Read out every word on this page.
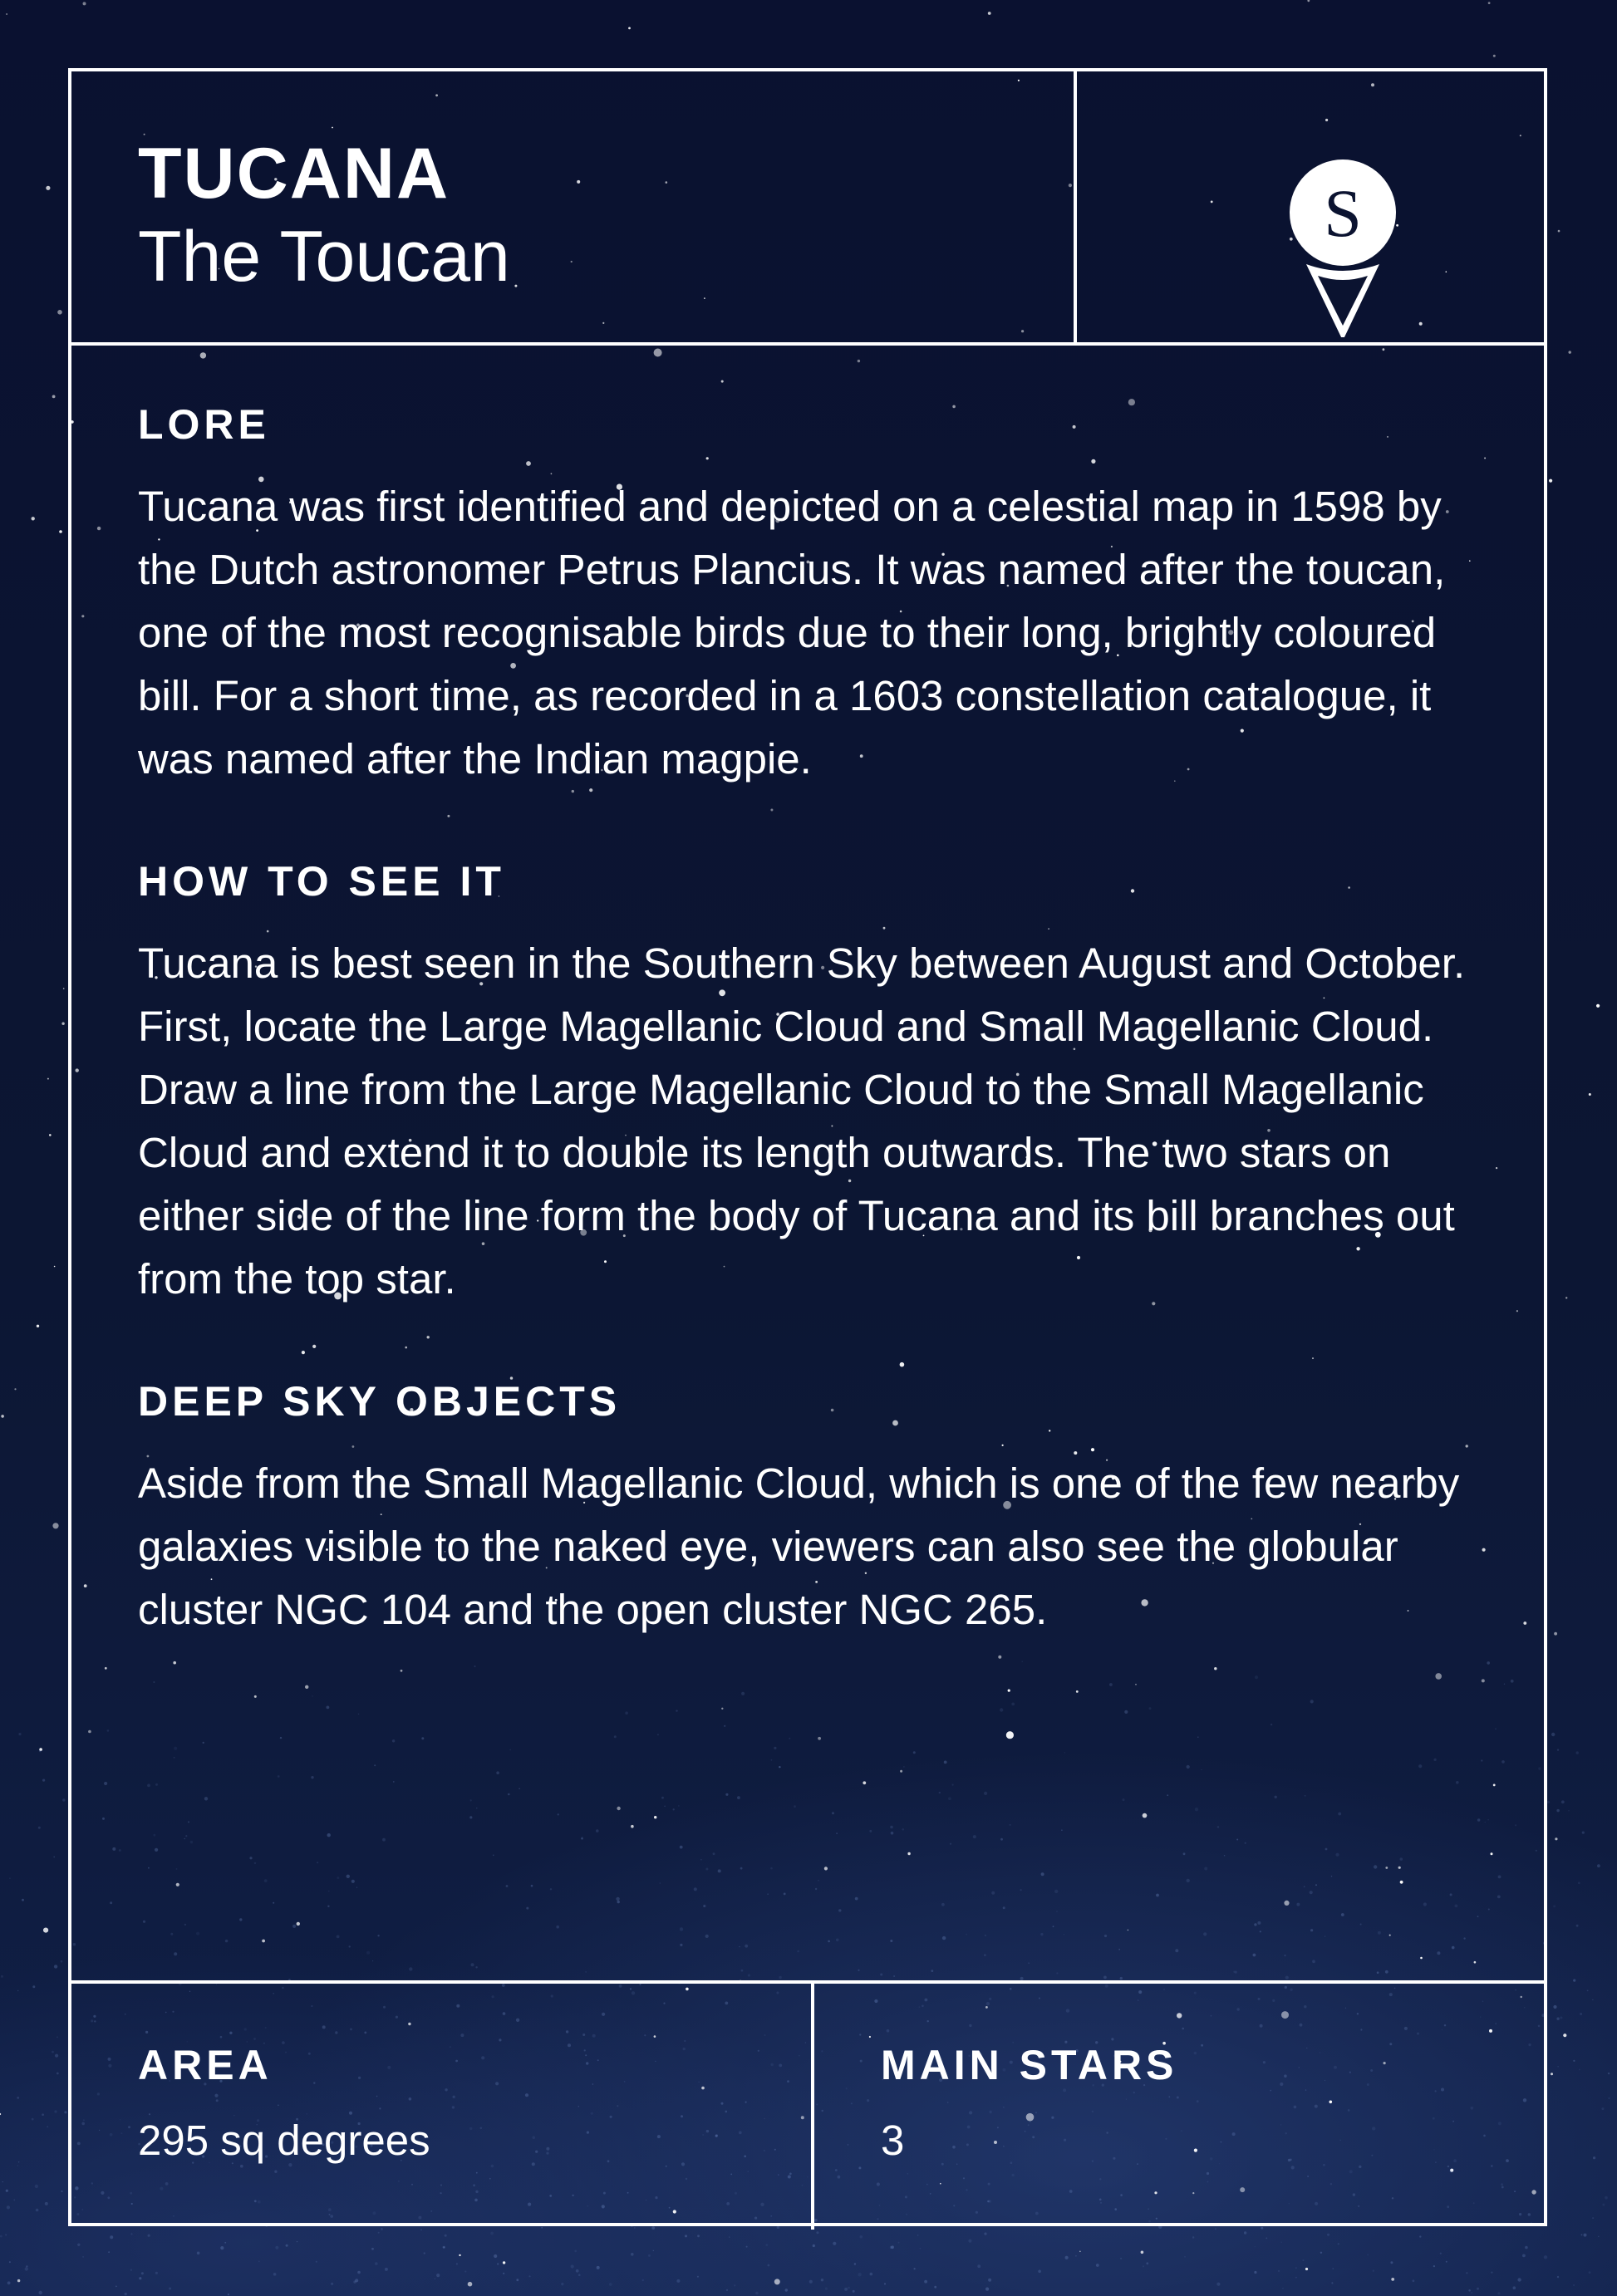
TUCANA
The Toucan
S
LORE

Tucana was first identified and depicted on a celestial map in 1598 by the Dutch astronomer Petrus Plancius. It was named after the toucan, one of the most recognisable birds due to their long, brightly coloured bill. For a short time, as recorded in a 1603 constellation catalogue, it was named after the Indian magpie.

HOW TO SEE IT

Tucana is best seen in the Southern Sky between August and October. First, locate the Large Magellanic Cloud and Small Magellanic Cloud. Draw a line from the Large Magellanic Cloud to the Small Magellanic Cloud and extend it to double its length outwards. The two stars on either side of the line form the body of Tucana and its bill branches out from the top star.

DEEP SKY OBJECTS

Aside from the Small Magellanic Cloud, which is one of the few nearby galaxies visible to the naked eye, viewers can also see the globular cluster NGC 104 and the open cluster NGC 265.

AREA
295 sq degrees
MAIN STARS
3
